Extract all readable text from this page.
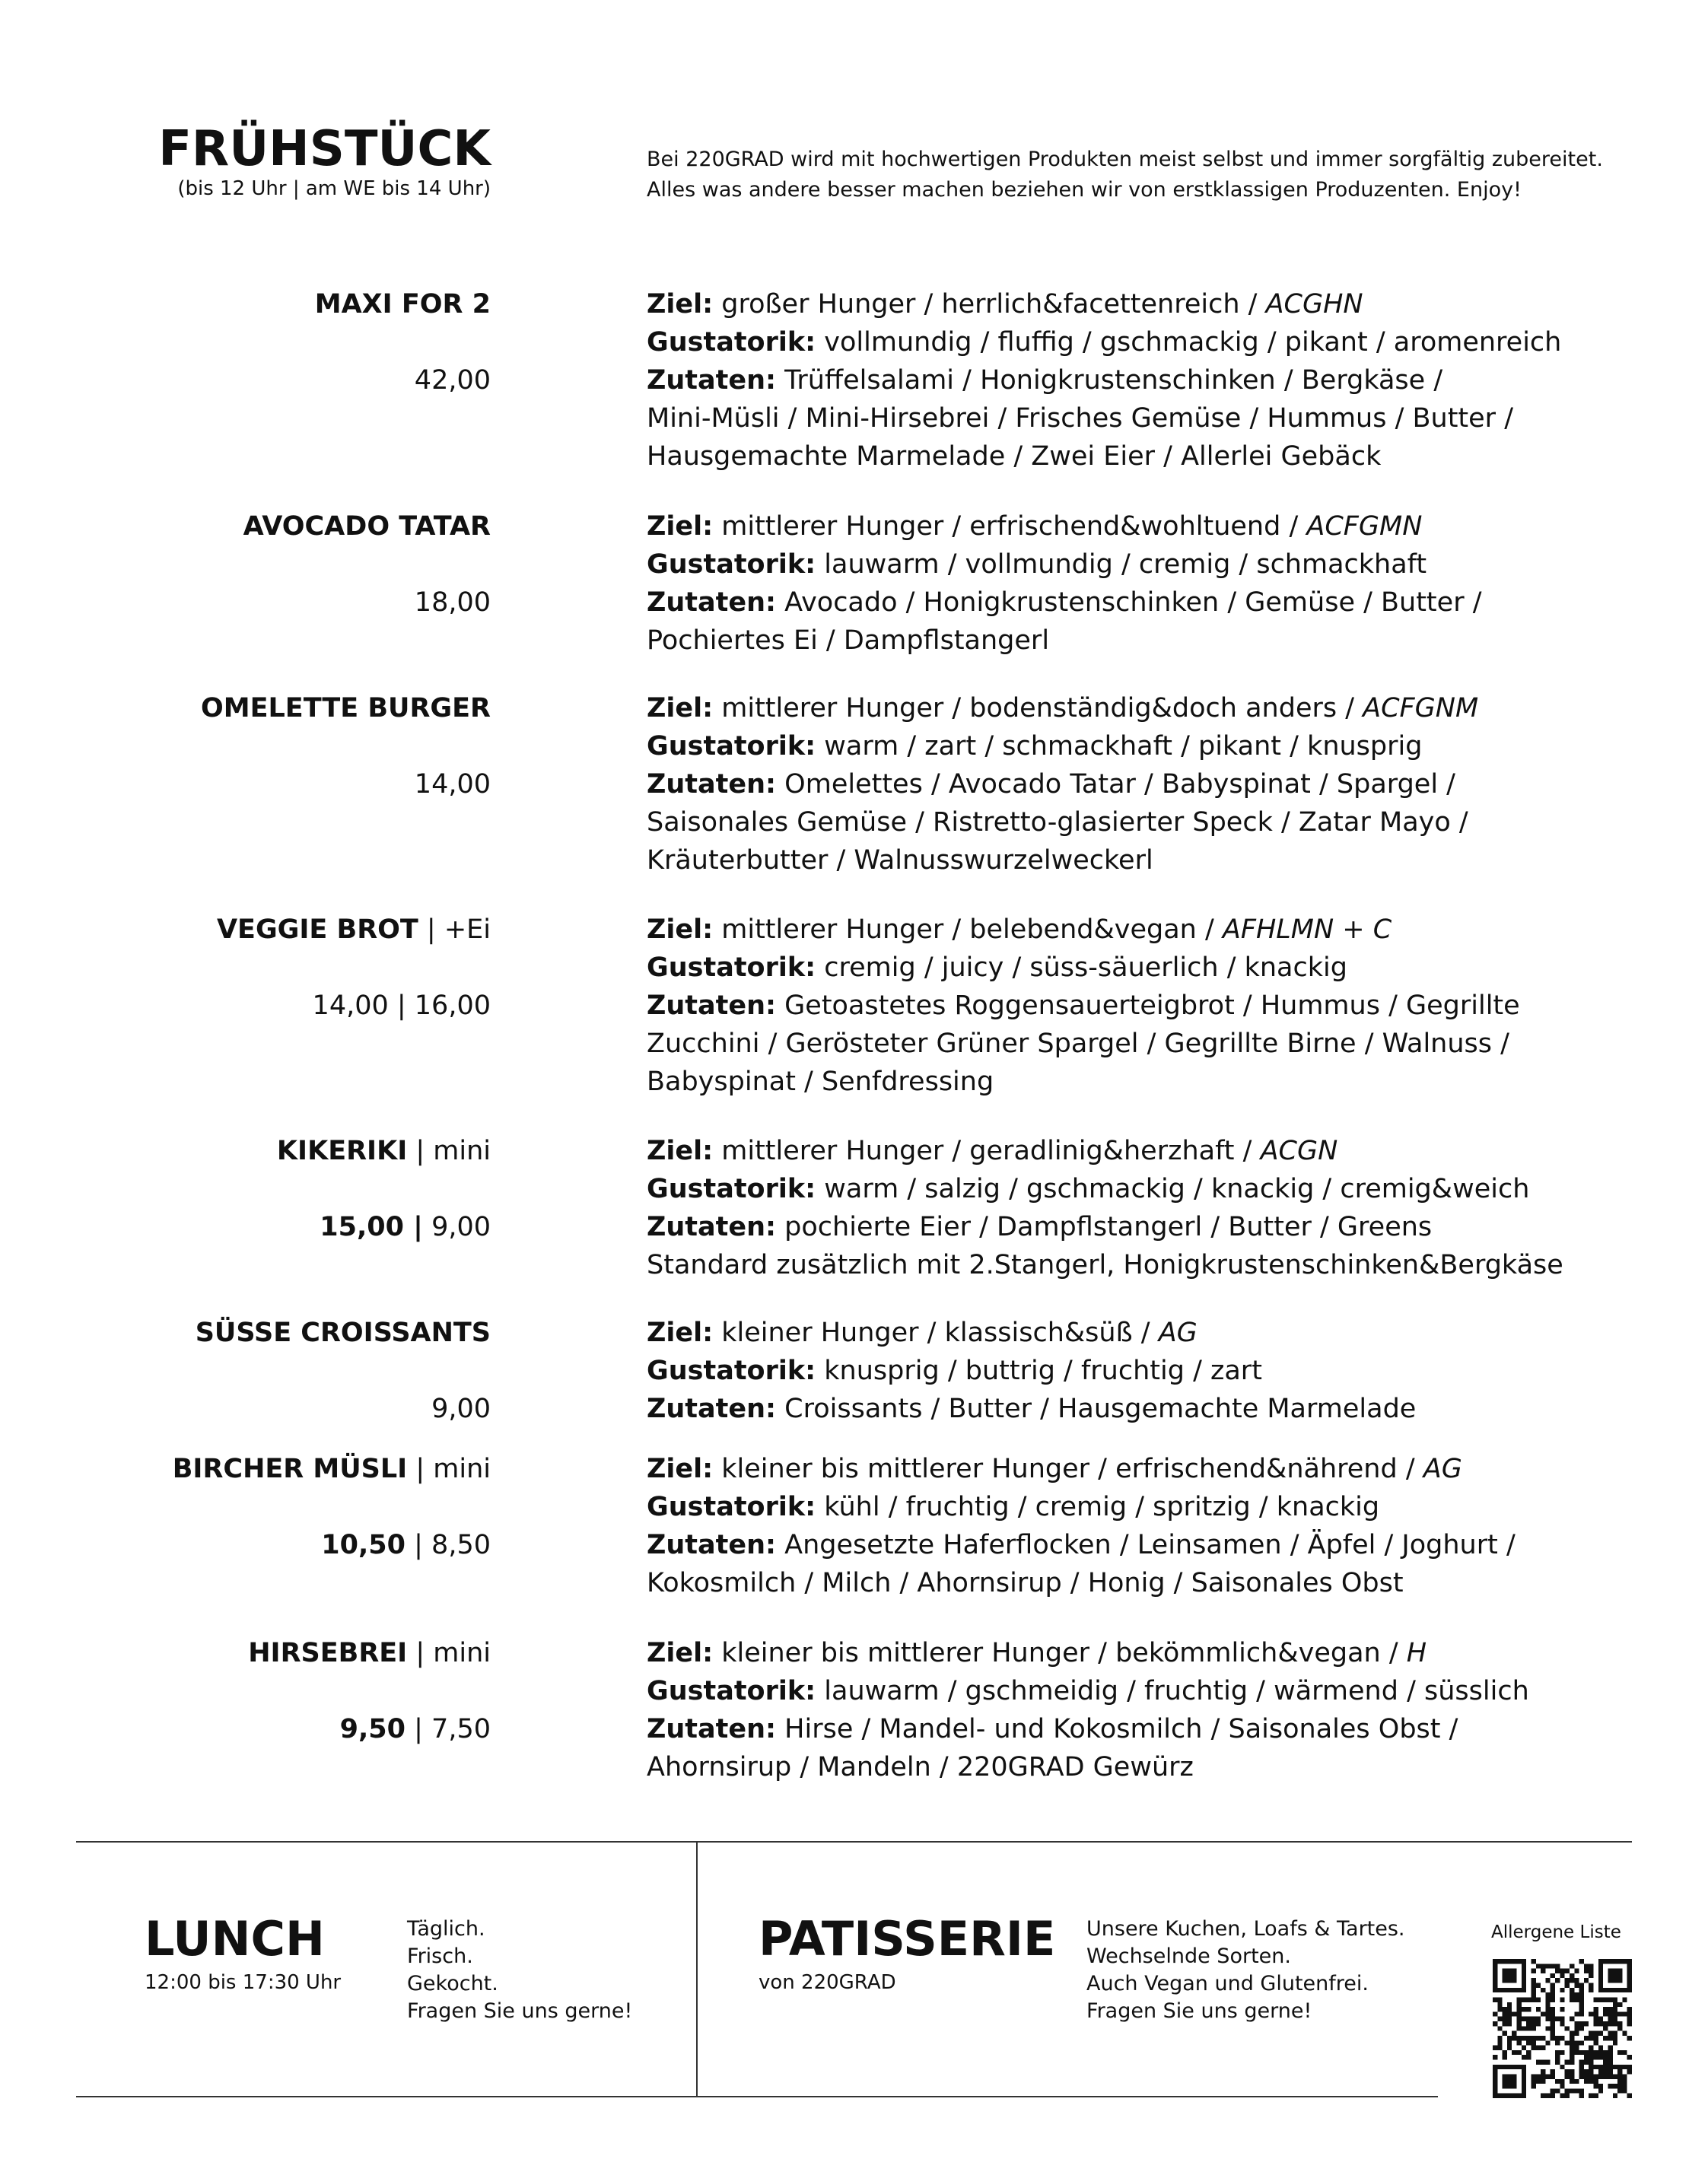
FRÜHSTÜCK
(bis 12 Uhr | am WE bis 14 Uhr)
Bei 220GRAD wird mit hochwertigen Produkten meist selbst und immer sorgfältig zubereitet.
Alles was andere besser machen beziehen wir von erstklassigen Produzenten. Enjoy!
MAXI FOR 2
42,00
Ziel: großer Hunger / herrlich&facettenreich / ACGHN
Gustatorik: vollmundig / fluffig / gschmackig / pikant / aromenreich
Zutaten: Trüffelsalami / Honigkrustenschinken / Bergkäse /
Mini-Müsli / Mini-Hirsebrei / Frisches Gemüse / Hummus / Butter /
Hausgemachte Marmelade / Zwei Eier / Allerlei Gebäck
AVOCADO TATAR
18,00
Ziel: mittlerer Hunger / erfrischend&wohltuend / ACFGMN
Gustatorik: lauwarm / vollmundig / cremig / schmackhaft
Zutaten: Avocado / Honigkrustenschinken / Gemüse / Butter /
Pochiertes Ei / Dampflstangerl
OMELETTE BURGER
14,00
Ziel: mittlerer Hunger / bodenständig&doch anders / ACFGNM
Gustatorik: warm / zart / schmackhaft / pikant / knusprig
Zutaten: Omelettes / Avocado Tatar / Babyspinat / Spargel /
Saisonales Gemüse / Ristretto-glasierter Speck / Zatar Mayo /
Kräuterbutter / Walnusswurzelweckerl
VEGGIE BROT | +Ei
14,00 | 16,00
Ziel: mittlerer Hunger / belebend&vegan / AFHLMN + C
Gustatorik: cremig / juicy / süss-säuerlich / knackig
Zutaten: Getoastetes Roggensauerteigbrot / Hummus / Gegrillte
Zucchini / Gerösteter Grüner Spargel / Gegrillte Birne / Walnuss /
Babyspinat / Senfdressing
KIKERIKI | mini
15,00 | 9,00
Ziel: mittlerer Hunger / geradlinig&herzhaft / ACGN
Gustatorik: warm / salzig / gschmackig / knackig / cremig&weich
Zutaten: pochierte Eier / Dampflstangerl / Butter / Greens
Standard zusätzlich mit 2.Stangerl, Honigkrustenschinken&Bergkäse
SÜSSE CROISSANTS
9,00
Ziel: kleiner Hunger / klassisch&süß / AG
Gustatorik: knusprig / buttrig / fruchtig / zart
Zutaten: Croissants / Butter / Hausgemachte Marmelade
BIRCHER MÜSLI | mini
10,50 | 8,50
Ziel: kleiner bis mittlerer Hunger / erfrischend&nährend / AG
Gustatorik: kühl / fruchtig / cremig / spritzig / knackig
Zutaten: Angesetzte Haferflocken / Leinsamen / Äpfel / Joghurt /
Kokosmilch / Milch / Ahornsirup / Honig / Saisonales Obst
HIRSEBREI | mini
9,50 | 7,50
Ziel: kleiner bis mittlerer Hunger / bekömmlich&vegan / H
Gustatorik: lauwarm / gschmeidig / fruchtig / wärmend / süsslich
Zutaten: Hirse / Mandel- und Kokosmilch / Saisonales Obst /
Ahornsirup / Mandeln / 220GRAD Gewürz
LUNCH
12:00 bis 17:30 Uhr
Täglich.
Frisch.
Gekocht.
Fragen Sie uns gerne!
PATISSERIE
von 220GRAD
Unsere Kuchen, Loafs & Tartes.
Wechselnde Sorten.
Auch Vegan und Glutenfrei.
Fragen Sie uns gerne!
Allergene Liste
